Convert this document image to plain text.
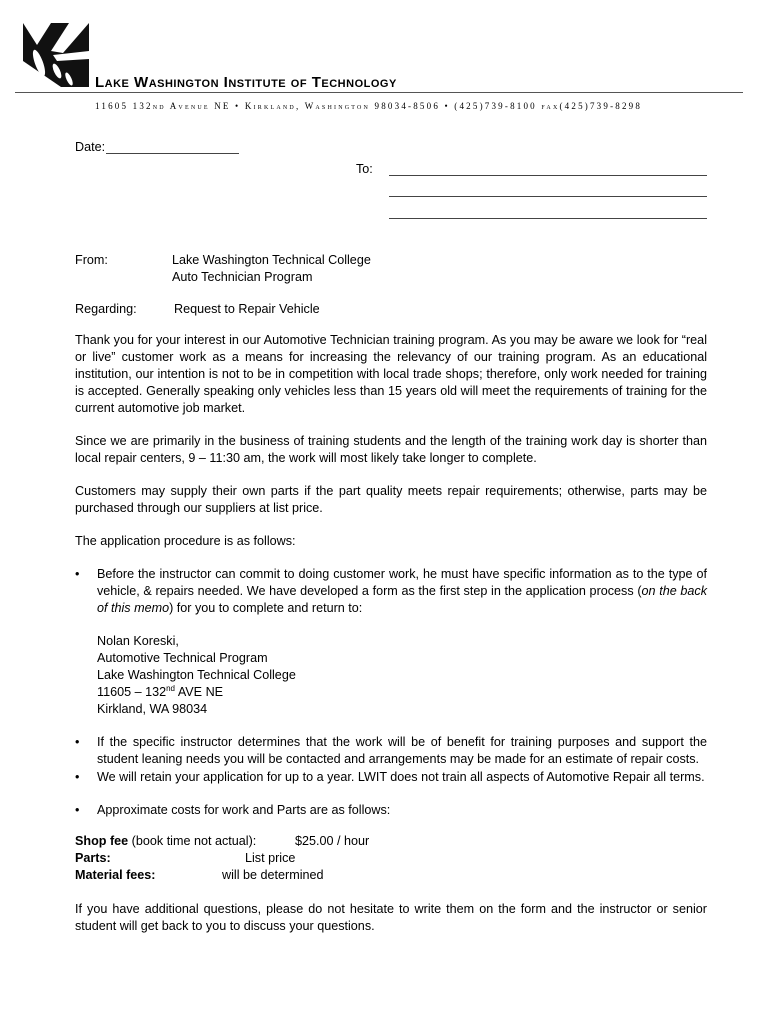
Lake Washington Institute of Technology
11605 132nd Avenue NE • Kirkland, Washington 98034-8506 • (425)739-8100 fax(425)739-8298
Date:
To:
From:	Lake Washington Technical College
Auto Technician Program
Regarding:	Request to Repair Vehicle
Thank you for your interest in our Automotive Technician training program. As you may be aware we look for “real or live” customer work as a means for increasing the relevancy of our training program. As an educational institution, our intention is not to be in competition with local trade shops; therefore, only work needed for training is accepted. Generally speaking only vehicles less than 15 years old will meet the requirements of training for the current automotive job market.
Since we are primarily in the business of training students and the length of the training work day is shorter than local repair centers, 9 – 11:30 am, the work will most likely take longer to complete.
Customers may supply their own parts if the part quality meets repair requirements; otherwise, parts may be purchased through our suppliers at list price.
The application procedure is as follows:
•	Before the instructor can commit to doing customer work, he must have specific information as to the type of vehicle, & repairs needed. We have developed a form as the first step in the application process (on the back of this memo) for you to complete and return to:
Nolan Koreski,
Automotive Technical Program
Lake Washington Technical College
11605 – 132nd AVE NE
Kirkland, WA 98034
•	If the specific instructor determines that the work will be of benefit for training purposes and support the student leaning needs you will be contacted and arrangements may be made for an estimate of repair costs.
•	We will retain your application for up to a year. LWIT does not train all aspects of Automotive Repair all terms.
•	Approximate costs for work and Parts are as follows:
Shop fee (book time not actual):	$25.00 / hour
Parts:	List price
Material fees:	will be determined
If you have additional questions, please do not hesitate to write them on the form and the instructor or senior student will get back to you to discuss your questions.
